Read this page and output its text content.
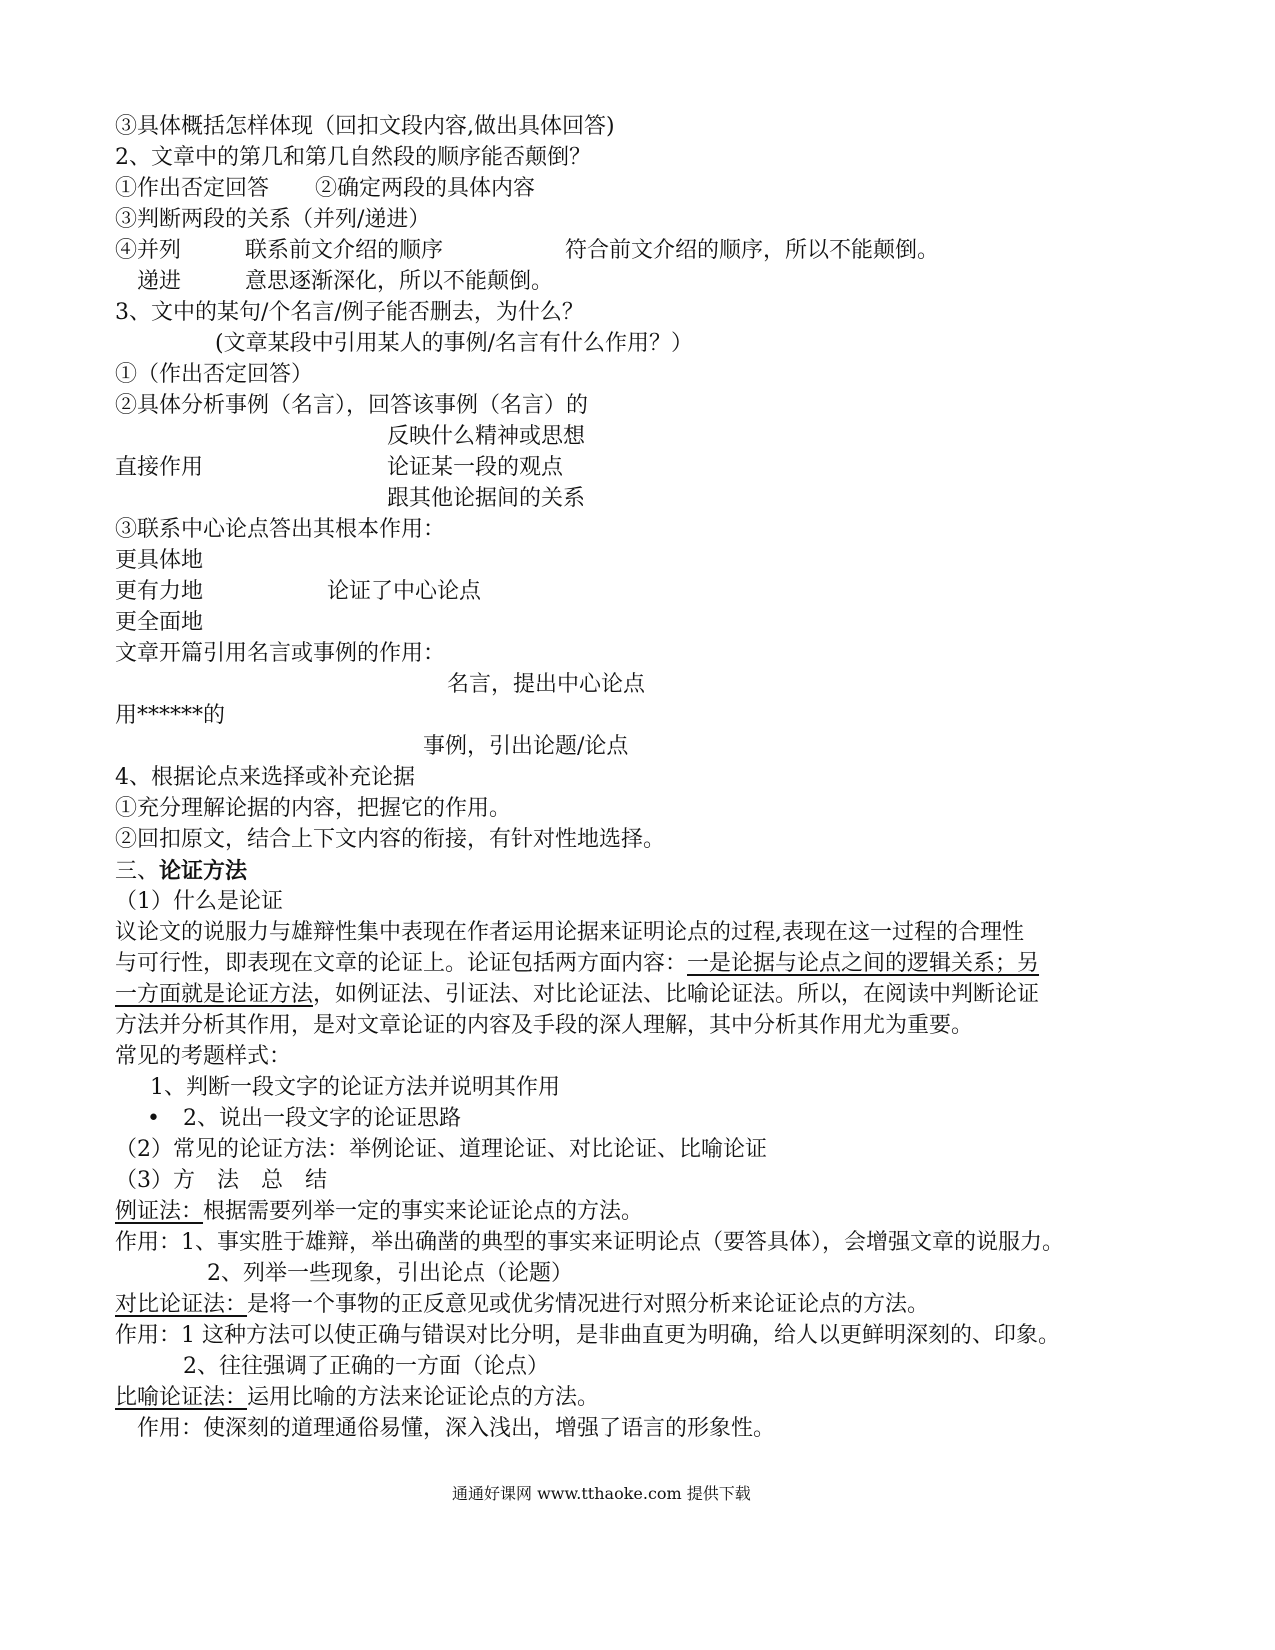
③具体概括怎样体现（回扣文段内容,做出具体回答)
2、文章中的第几和第几自然段的顺序能否颠倒？
①作出否定回答 ②确定两段的具体内容
③判断两段的关系（并列/递进）
④并列	联系前文介绍的顺序	符合前文介绍的顺序，所以不能颠倒。
递进	意思逐渐深化，所以不能颠倒。
3、文中的某句/个名言/例子能否删去，为什么？
(文章某段中引用某人的事例/名言有什么作用？）
①（作出否定回答）
②具体分析事例（名言），回答该事例（名言）的
反映什么精神或思想
直接作用	论证某一段的观点
跟其他论据间的关系
③联系中心论点答出其根本作用：
更具体地
更有力地	论证了中心论点
更全面地
文章开篇引用名言或事例的作用：
名言，提出中心论点
用******的
事例，引出论题/论点
4、根据论点来选择或补充论据
①充分理解论据的内容，把握它的作用。
②回扣原文，结合上下文内容的衔接，有针对性地选择。
三、论证方法
（1）什么是论证
议论文的说服力与雄辩性集中表现在作者运用论据来证明论点的过程,表现在这一过程的合理性
与可行性，即表现在文章的论证上。论证包括两方面内容：一是论据与论点之间的逻辑关系；另
一方面就是论证方法，如例证法、引证法、对比论证法、比喻论证法。所以，在阅读中判断论证
方法并分析其作用，是对文章论证的内容及手段的深人理解，其中分析其作用尤为重要。
常见的考题样式：
1、判断一段文字的论证方法并说明其作用
• 2、说出一段文字的论证思路
（2）常见的论证方法：举例论证、道理论证、对比论证、比喻论证
（3）方　法　总　结
例证法：根据需要列举一定的事实来论证论点的方法。
作用：1、事实胜于雄辩，举出确凿的典型的事实来证明论点（要答具体），会增强文章的说服力。
2、列举一些现象，引出论点（论题）
对比论证法：是将一个事物的正反意见或优劣情况进行对照分析来论证论点的方法。
作用：1 这种方法可以使正确与错误对比分明，是非曲直更为明确，给人以更鲜明深刻的、印象。
2、往往强调了正确的一方面（论点）
比喻论证法：运用比喻的方法来论证论点的方法。
作用：使深刻的道理通俗易懂，深入浅出，增强了语言的形象性。
通通好课网 www.tthaoke.com 提供下载
